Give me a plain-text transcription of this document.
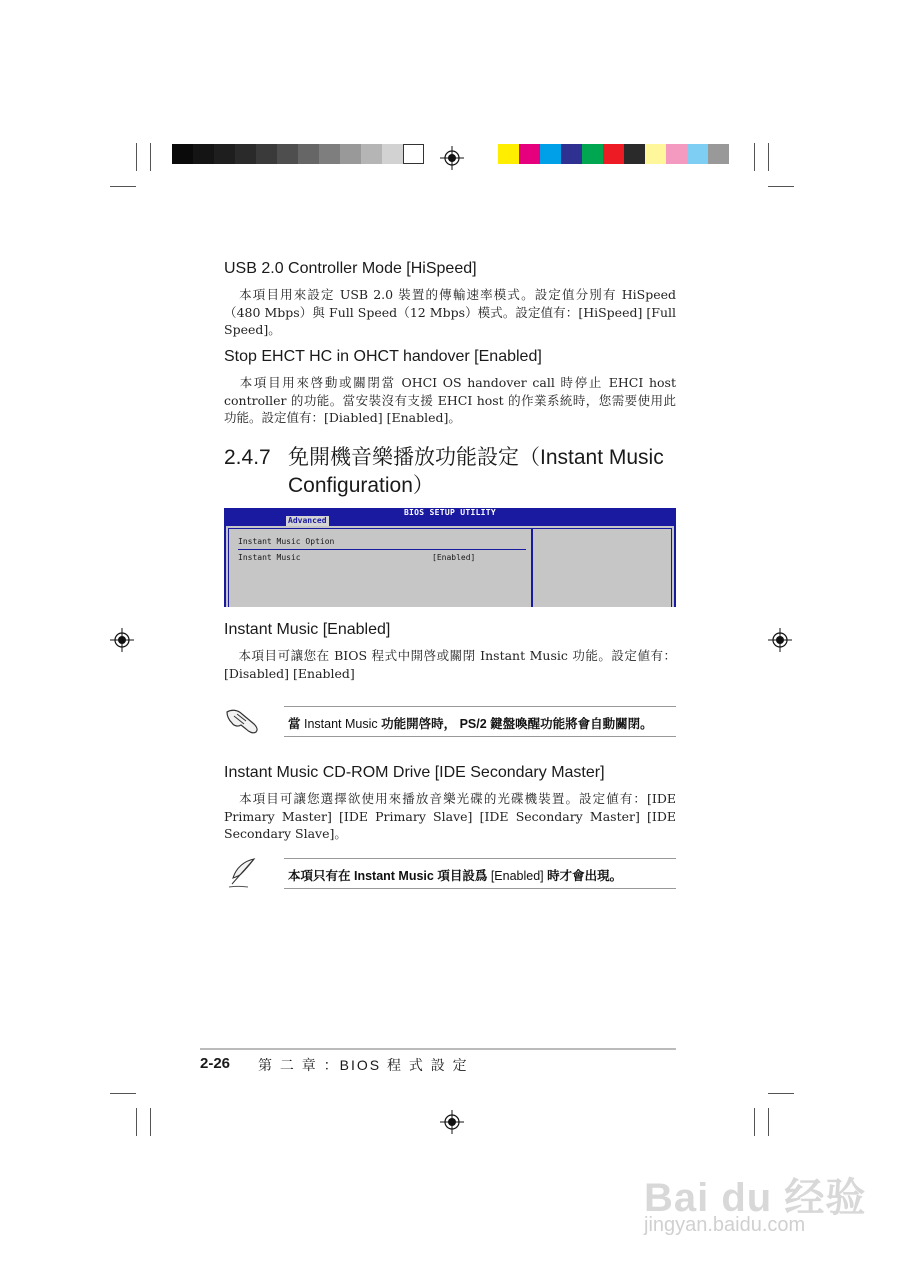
USB 2.0 Controller Mode [HiSpeed]
本項目用來設定 USB 2.0 裝置的傳輸速率模式。設定值分別有 HiSpeed（480 Mbps）與 Full Speed（12 Mbps）模式。設定值有：[HiSpeed] [Full Speed]。
Stop EHCT HC in OHCT handover [Enabled]
本項目用來啓動或關閉當 OHCI OS handover call 時停止 EHCI host controller 的功能。當安裝沒有支援 EHCI host 的作業系統時，您需要使用此功能。設定值有：[Diabled] [Enabled]。
2.4.7 免開機音樂播放功能設定（Instant Music
Configuration）
BIOS SETUP UTILITY
Advanced
Instant Music Option
Instant Music	[Enabled]
Instant Music [Enabled]
本項目可讓您在 BIOS 程式中開啓或關閉 Instant Music 功能。設定値有：[Disabled] [Enabled]
當 Instant Music 功能開啓時， PS/2 鍵盤喚醒功能將會自動關閉。
Instant Music CD-ROM Drive [IDE Secondary Master]
本項目可讓您選擇欲使用來播放音樂光碟的光碟機裝置。設定値有：[IDE Primary Master] [IDE Primary Slave] [IDE Secondary Master] [IDE Secondary Slave]。
本項只有在 Instant Music 項目設爲 [Enabled] 時才會出現。
2-26 第 二 章 ：BIOS 程 式 設 定
Bai du 经验
jingyan.baidu.com
